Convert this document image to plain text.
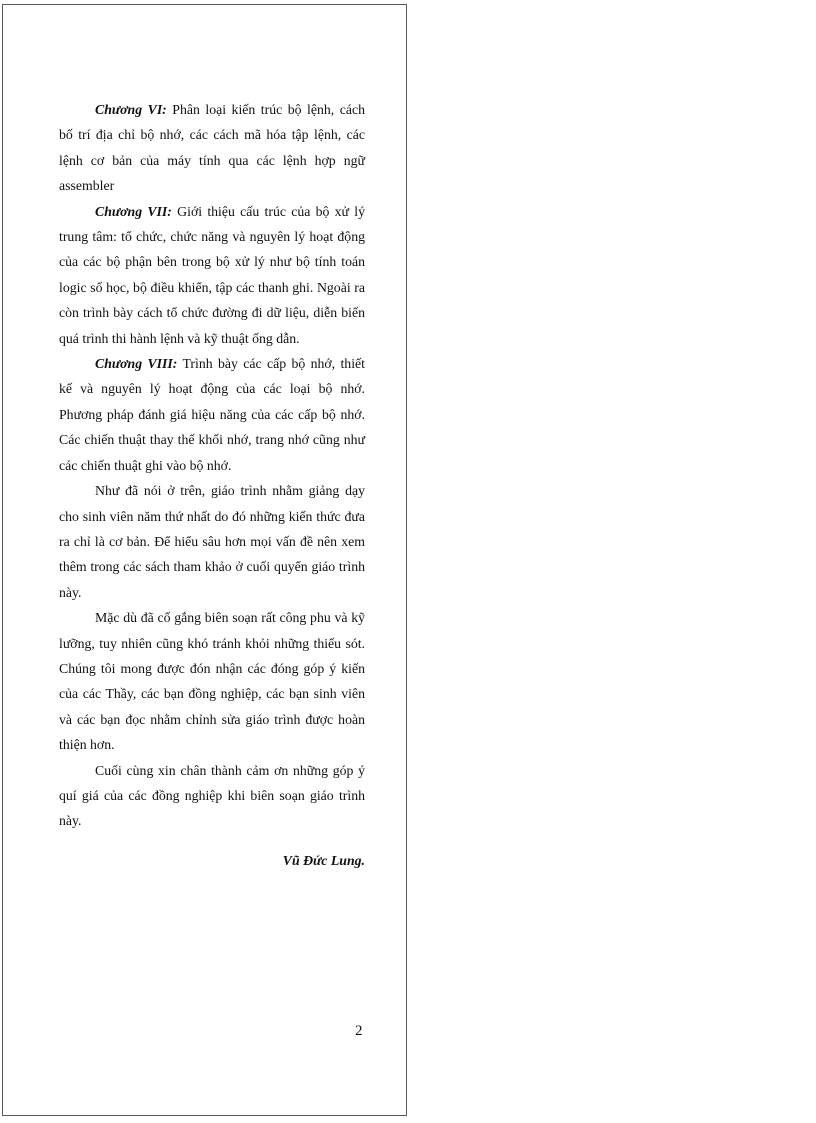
Chương VI: Phân loại kiến trúc bộ lệnh, cách bố trí địa chỉ bộ nhớ, các cách mã hóa tập lệnh, các lệnh cơ bản của máy tính qua các lệnh hợp ngữ assembler

Chương VII: Giới thiệu cấu trúc của bộ xử lý trung tâm: tổ chức, chức năng và nguyên lý hoạt động của các bộ phận bên trong bộ xử lý như bộ tính toán logic số học, bộ điều khiển, tập các thanh ghi. Ngoài ra còn trình bày cách tổ chức đường đi dữ liệu, diễn biến quá trình thi hành lệnh và kỹ thuật ống dẫn.

Chương VIII: Trình bày các cấp bộ nhớ, thiết kế và nguyên lý hoạt động của các loại bộ nhớ. Phương pháp đánh giá hiệu năng của các cấp bộ nhớ. Các chiến thuật thay thế khối nhớ, trang nhớ cũng như các chiến thuật ghi vào bộ nhớ.

Như đã nói ở trên, giáo trình nhằm giảng dạy cho sinh viên năm thứ nhất do đó những kiến thức đưa ra chỉ là cơ bản. Để hiểu sâu hơn mọi vấn đề nên xem thêm trong các sách tham khảo ở cuối quyển giáo trình này.

Mặc dù đã cố gắng biên soạn rất công phu và kỹ lưỡng, tuy nhiên cũng khó tránh khỏi những thiếu sót. Chúng tôi mong được đón nhận các đóng góp ý kiến của các Thầy, các bạn đồng nghiệp, các bạn sinh viên và các bạn đọc nhằm chỉnh sửa giáo trình được hoàn thiện hơn.

Cuối cùng xin chân thành cảm ơn những góp ý quí giá của các đồng nghiệp khi biên soạn giáo trình này.

Vũ Đức Lung.
2
